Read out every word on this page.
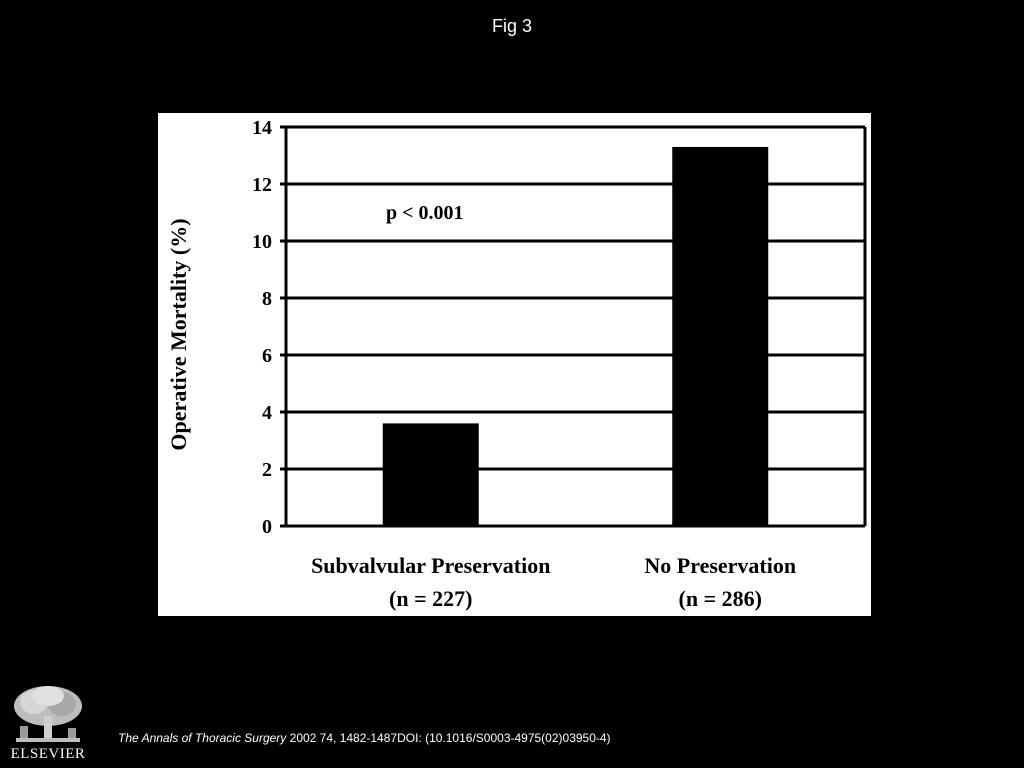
Fig 3
0
2
4
6
8
10
12
14
Operative Mortality (%)
p < 0.001
Subvalvular Preservation
(n = 227)
No Preservation
(n = 286)
ELSEVIER
The Annals of Thoracic Surgery 2002 74, 1482-1487DOI: (10.1016/S0003-4975(02)03950-4)
